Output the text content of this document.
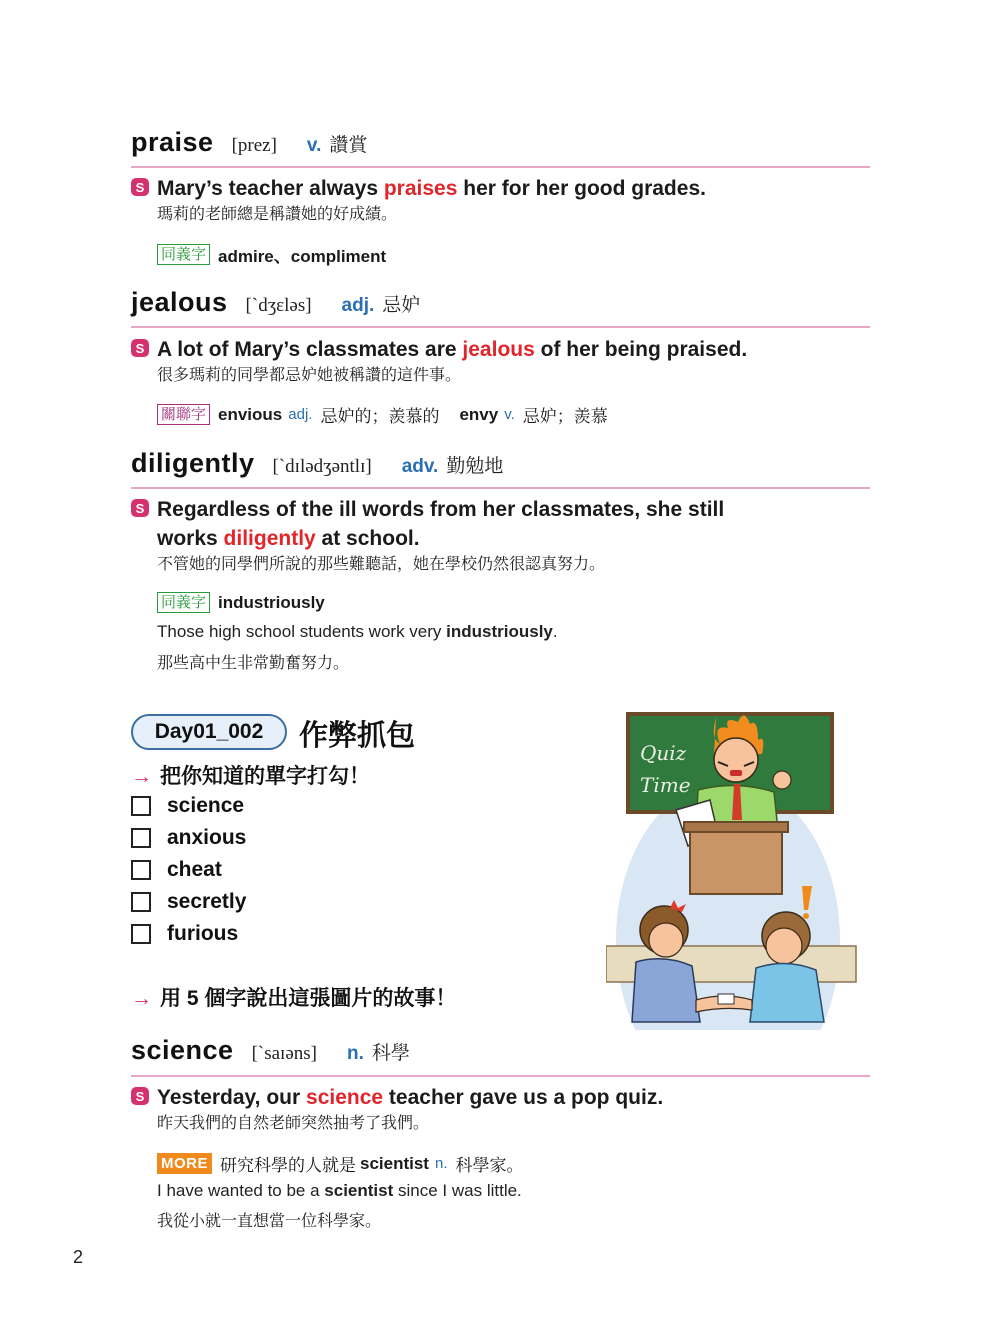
praise [prez] v. 讚賞
S Mary’s teacher always praises her for her good grades.
瑪莉的老師總是稱讚她的好成績。
同義字 admire、compliment
jealous [`dʒɛləs] adj. 忌妒
S A lot of Mary’s classmates are jealous of her being praised.
很多瑪莉的同學都忌妒她被稱讚的這件事。
關聯字 envious adj. 忌妒的；羨慕的 envy v. 忌妒；羨慕
diligently [`dɪlədʒəntlɪ] adv. 勤勉地
S Regardless of the ill words from her classmates, she still
works diligently at school.
不管她的同學們所說的那些難聽話，她在學校仍然很認真努力。
同義字 industriously
Those high school students work very industriously.
那些高中生非常勤奮努力。
Day01_002	作弊抓包
→ 把你知道的單字打勾！
science
anxious
cheat
secretly
furious
→ 用 5 個字說出這張圖片的故事！
Quiz
Time
science [`saɪəns] n. 科學
S Yesterday, our science teacher gave us a pop quiz.
昨天我們的自然老師突然抽考了我們。
MORE 研究科學的人就是 scientist n. 科學家。
I have wanted to be a scientist since I was little.
我從小就一直想當一位科學家。
2
